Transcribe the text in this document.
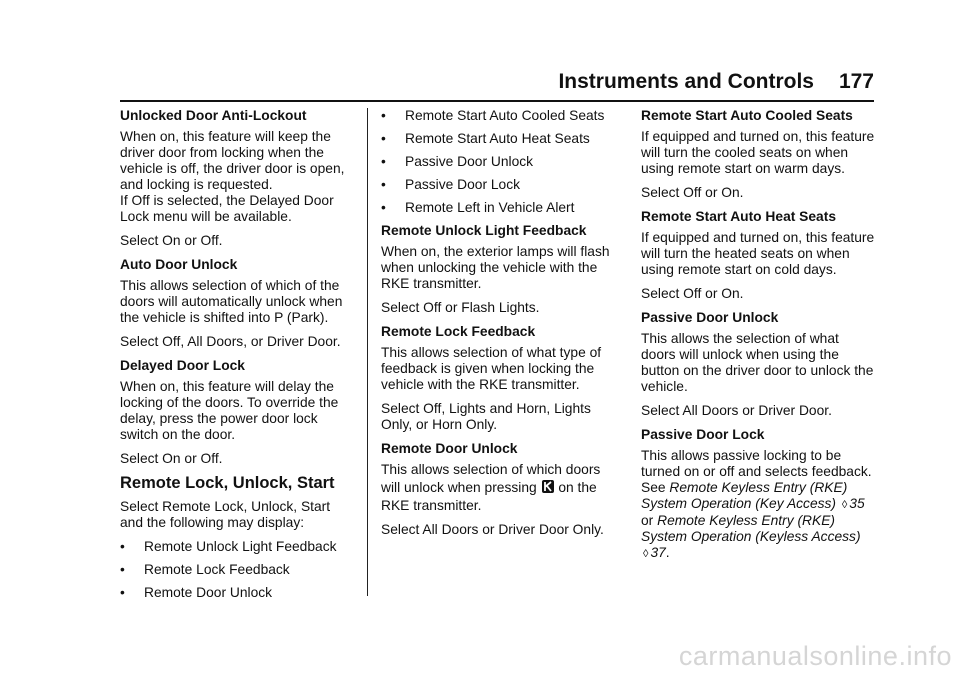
Instruments and Controls 177
Unlocked Door Anti-Lockout
When on, this feature will keep the driver door from locking when the vehicle is off, the driver door is open, and locking is requested.
If Off is selected, the Delayed Door Lock menu will be available.
Select On or Off.
Auto Door Unlock
This allows selection of which of the doors will automatically unlock when the vehicle is shifted into P (Park).
Select Off, All Doors, or Driver Door.
Delayed Door Lock
When on, this feature will delay the locking of the doors. To override the delay, press the power door lock switch on the door.
Select On or Off.
Remote Lock, Unlock, Start
Select Remote Lock, Unlock, Start and the following may display:
•	Remote Unlock Light Feedback
•	Remote Lock Feedback
•	Remote Door Unlock
•	Remote Start Auto Cooled Seats
•	Remote Start Auto Heat Seats
•	Passive Door Unlock
•	Passive Door Lock
•	Remote Left in Vehicle Alert
Remote Unlock Light Feedback
When on, the exterior lamps will flash when unlocking the vehicle with the RKE transmitter.
Select Off or Flash Lights.
Remote Lock Feedback
This allows selection of what type of feedback is given when locking the vehicle with the RKE transmitter.
Select Off, Lights and Horn, Lights Only, or Horn Only.
Remote Door Unlock
This allows selection of which doors will unlock when pressing on the RKE transmitter.
Select All Doors or Driver Door Only.
Remote Start Auto Cooled Seats
If equipped and turned on, this feature will turn the cooled seats on when using remote start on warm days.
Select Off or On.
Remote Start Auto Heat Seats
If equipped and turned on, this feature will turn the heated seats on when using remote start on cold days.
Select Off or On.
Passive Door Unlock
This allows the selection of what doors will unlock when using the button on the driver door to unlock the vehicle.
Select All Doors or Driver Door.
Passive Door Lock
This allows passive locking to be turned on or off and selects feedback. See Remote Keyless Entry (RKE) System Operation (Key Access) ◊ 35 or Remote Keyless Entry (RKE) System Operation (Keyless Access) ◊ 37.
carmanualsonline.info
